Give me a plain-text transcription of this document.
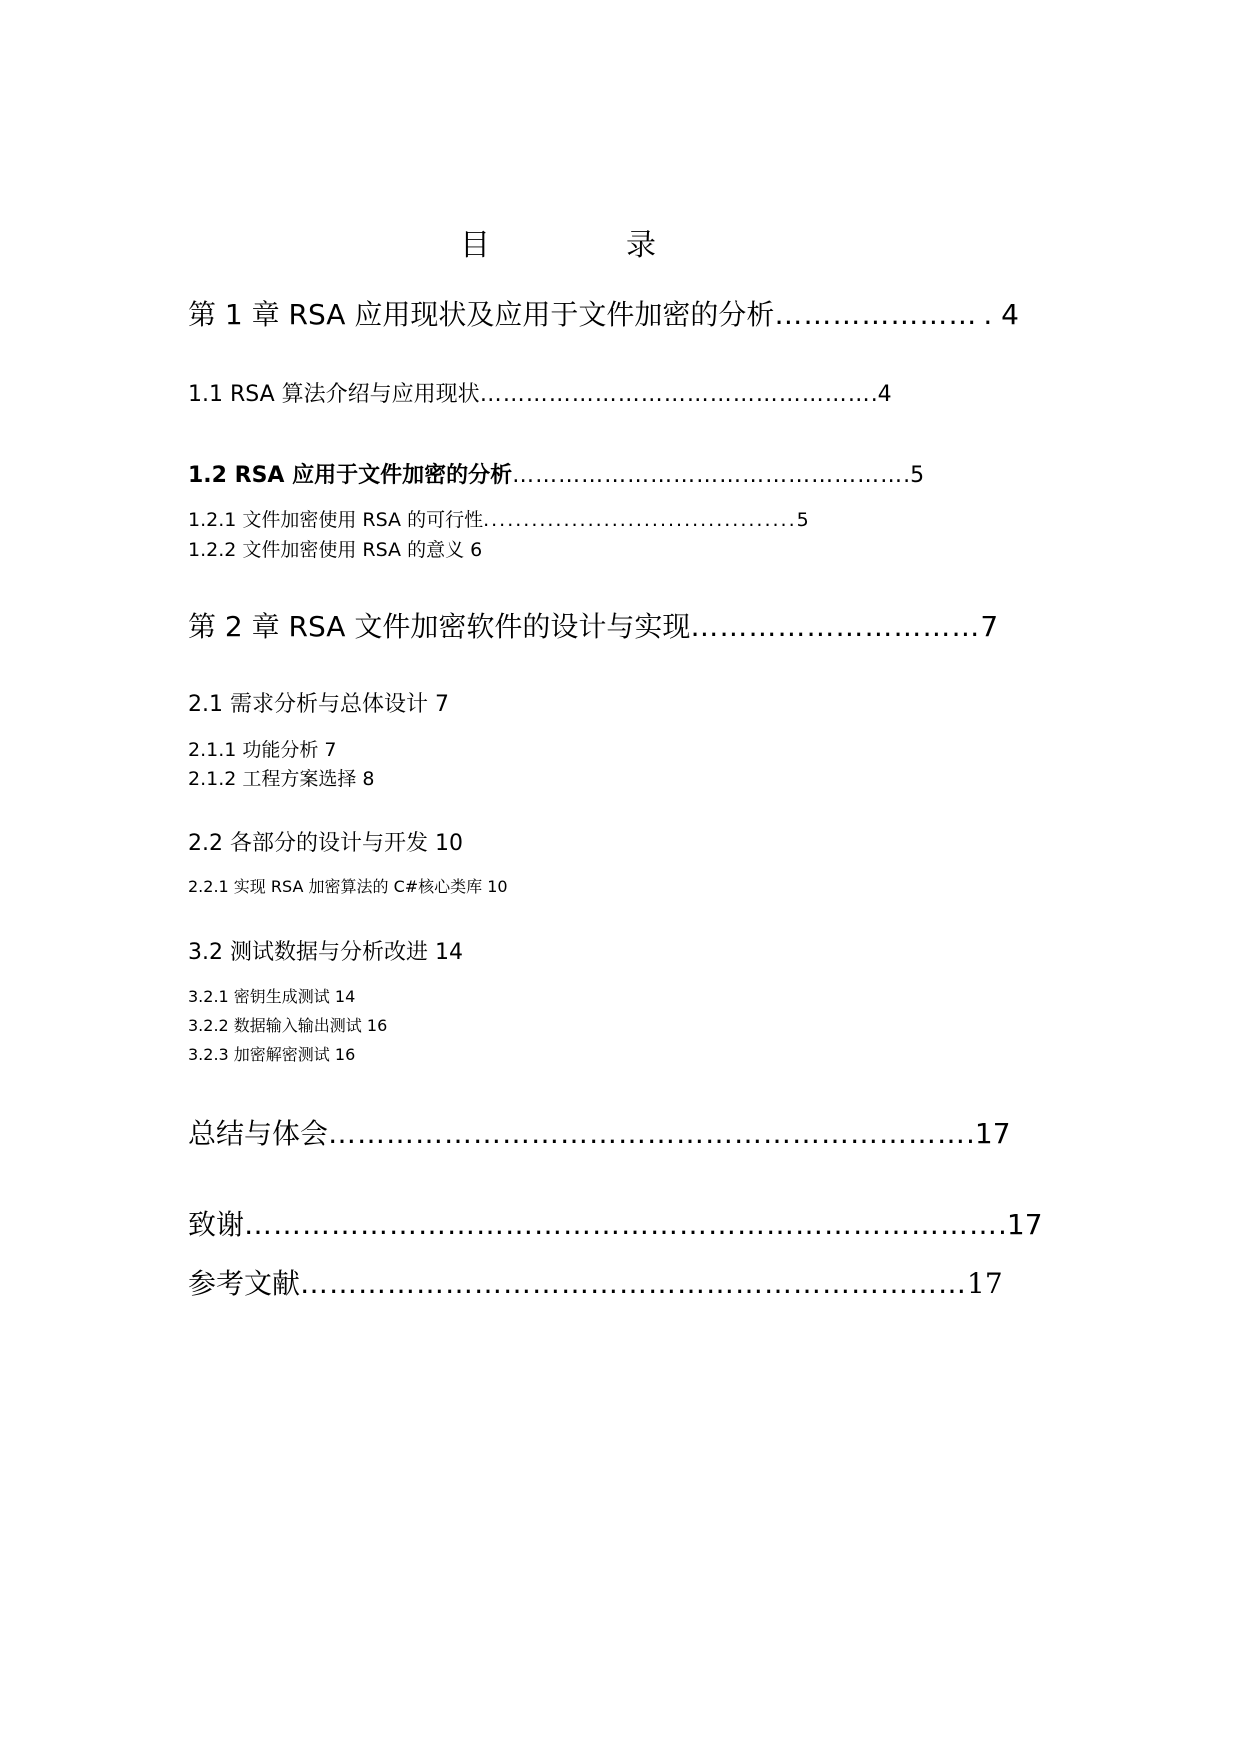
目	录
第 1 章 RSA 应用现状及应用于文件加密的分析 ………………… . 4
1.1 RSA 算法介绍与应用现状 …………………………………………… .4
1.2 RSA 应用于文件加密的分析 …………………………………………… .5
1.2.1 文件加密使用 RSA 的可行性 ....................................... 5
1.2.2 文件加密使用 RSA 的意义 6
第 2 章 RSA 文件加密软件的设计与实现 ………………………… 7
2.1 需求分析与总体设计 7
2.1.1 功能分析 7
2.1.2 工程方案选择 8
2.2 各部分的设计与开发 10
2.2.1 实现 RSA 加密算法的 C#核心类库 10
3.2 测试数据与分析改进 14
3.2.1 密钥生成测试 14
3.2.2 数据输入输出测试 16
3.2.3 加密解密测试 16
总结与体会 ………………………………………………………… .17
致谢 …………………………………………………………………… .17
参考文献 …………………………………………………………… 17
